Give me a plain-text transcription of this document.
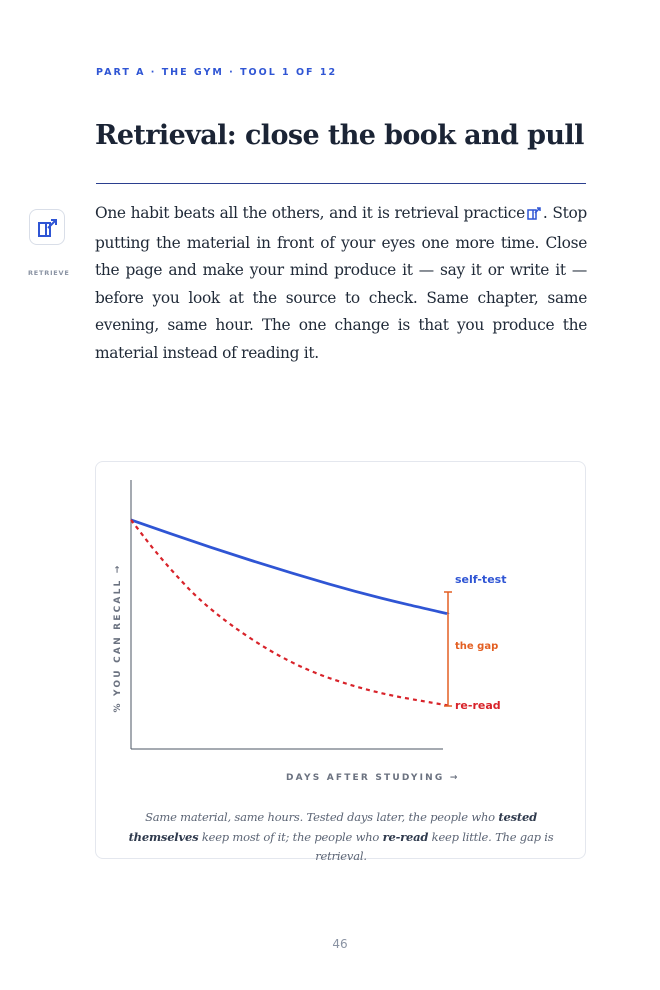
PART A · THE GYM · TOOL 1 OF 12
Retrieval: close the book and pull
RETRIEVE

One habit beats all the others, and it is retrieval practice . Stop putting the material in front of your eyes one more time. Close the page and make your mind produce it — say it or write it — before you look at the source to check. Same chapter, same evening, same hour. The one change is that you produce the material instead of reading it.

% YOU CAN RECALL →
DAYS AFTER STUDYING →
self-test
the gap
re-read

Same material, same hours. Tested days later, the people who tested themselves keep most of it; the people who re-read keep little. The gap is retrieval.

46
